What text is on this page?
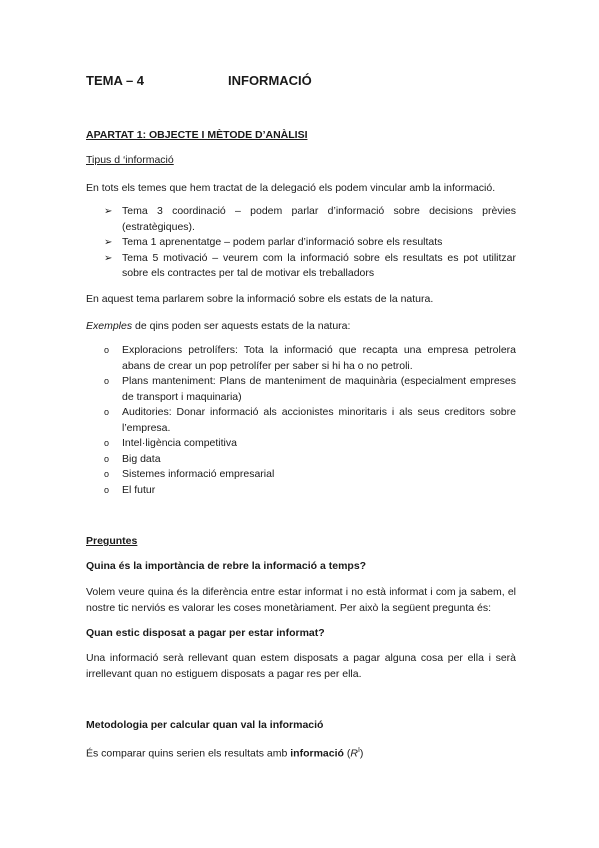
TEMA – 4	INFORMACIÓ
APARTAT 1: OBJECTE I MÈTODE D’ANÀLISI
Tipus d ‘informació
En tots els temes que hem tractat de la delegació els podem vincular amb la informació.
➢ Tema 3 coordinació – podem parlar d’informació sobre decisions prèvies (estratègiques).
➢ Tema 1 aprenentatge – podem parlar d’informació sobre els resultats
➢ Tema 5 motivació – veurem com la informació sobre els resultats es pot utilitzar sobre els contractes per tal de motivar els treballadors
En aquest tema parlarem sobre la informació sobre els estats de la natura.
Exemples de qins poden ser aquests estats de la natura:
o Exploracions petrolífers: Tota la informació que recapta una empresa petrolera abans de crear un pop petrolífer per saber si hi ha o no petroli.
o Plans manteniment: Plans de manteniment de maquinària (especialment empreses de transport i maquinaria)
o Auditories: Donar informació als accionistes minoritaris i als seus creditors sobre l’empresa.
o Intel·ligència competitiva
o Big data
o Sistemes informació empresarial
o El futur
Preguntes
Quina és la importància de rebre la informació a temps?
Volem veure quina és la diferència entre estar informat i no està informat i com ja sabem, el nostre tic nerviós es valorar les coses monetàriament. Per això la següent pregunta és:
Quan estic disposat a pagar per estar informat?
Una informació serà rellevant quan estem disposats a pagar alguna cosa per ella i serà irrellevant quan no estiguem disposats a pagar res per ella.
Metodologia per calcular quan val la informació
És comparar quins serien els resultats amb informació $(R^I)$
